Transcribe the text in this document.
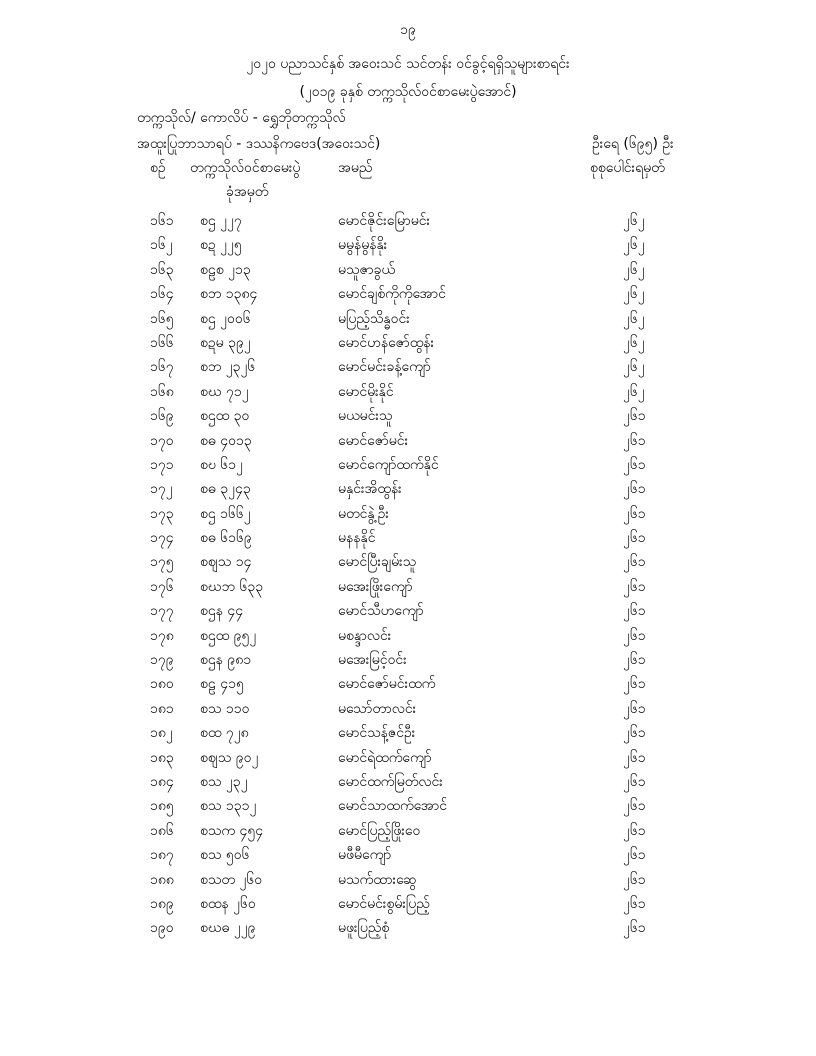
၁၉
၂၀၂၀ ပညာသင်နှစ် အဝေးသင် သင်တန်း ဝင်ခွင့်ရရှိသူများစာရင်း
(၂၀၁၉ ခုနှစ် တက္ကသိုလ်ဝင်စာမေးပွဲအောင်)
တက္ကသိုလ်/ ကောလိပ် - ရွှေဘိုတက္ကသိုလ်
အထူးပြုဘာသာရပ် - ဒဿနိကဗေဒ(အဝေးသင်)	ဦးရေ (၆၉၅) ဦး
စဉ် တက္ကသိုလ်ဝင်စာမေးပွဲ
ခုံအမှတ်
အမည်	စုစုပေါင်းရမှတ်
၁၆၁ စဌ ၂၂၇	မောင်ဇိုင်းမြောမင်း	၂၆၂
၁၆၂ စဍ ၂၂၅	မမွန်မွန်နိုး	၂၆၂
၁၆၃ စဠစ ၂၁၃	မသူဇာခွယ်	၂၆၂
၁၆၄ စဘ ၁၃၈၄	မောင်ချစ်ကိုကိုအောင်	၂၆၂
၁၆၅ စဌ ၂၀၀၆	မပြည့်သိန္ဓဝင်း	၂၆၂
၁၆၆ စဍမ ၃၉၂	မောင်ဟန်ဇော်ထွန်း	၂၆၂
၁၆၇ စဘ ၂၃၂၆	မောင်မင်းခန့်ကျော်	၂၆၂
၁၆၈ စဃ ၇၁၂	မောင်မိုးနိုင်	၂၆၂
၁၆၉ စဌထ ၃၀	မယမင်းသူ	၂၆၁
၁၇၀ စဓ ၄၀၁၃	မောင်ဇော်မင်း	၂၆၁
၁၇၁ စဎ ၆၁၂	မောင်ကျော်ထက်နိုင်	၂၆၁
၁၇၂ စဓ ၃၂၄၃	မနှင်းအိထွန်း	၂၆၁
၁၇၃ စဌ ၁၆၆၂	မတင်နွဲ့ဦး	၂၆၁
၁၇၄ စဓ ၆၁၆၉	မနနနိုင်	၂၆၁
၁၇၅ စဈသ ၁၄	မောင်ပြီးချမ်းသူ	၂၆၁
၁၇၆ စဃဘ ၆၃၃	မအေးဖြိုးကျော်	၂၆၁
၁၇၇ စဌန ၄၄	မောင်သီဟကျော်	၂၆၁
၁၇၈ စဌထ ၉၅၂	မစန္ဒာလင်း	၂၆၁
၁၇၉ စဌန ၉၈၁	မအေးမြင့်ဝင်း	၂၆၁
၁၈၀ စဠ ၄၁၅	မောင်ဇော်မင်းထက်	၂၆၁
၁၈၁ စသ ၁၁၀	မသော်တာလင်း	၂၆၁
၁၈၂ စထ ၇၂၈	မောင်သန့်ဇင်ဦး	၂၆၁
၁၈၃ စဈသ ၉၀၂	မောင်ရဲထက်ကျော်	၂၆၁
၁၈၄ စသ ၂၃၂	မောင်ထက်မြတ်လင်း	၂၆၁
၁၈၅ စသ ၁၃၁၂	မောင်သာထက်အောင်	၂၆၁
၁၈၆ စသက ၄၅၄	မောင်ပြည့်ဖြိုးဝေ	၂၆၁
၁၈၇ စသ ၅၀၆	မဖီမီကျော်	၂၆၁
၁၈၈ စသတ ၂၆၀	မသက်ထားဆွေ	၂၆၁
၁၈၉ စထန ၂၆၀	မောင်မင်းစွမ်းပြည့်	၂၆၁
၁၉၀ စဃဓ ၂၂၉	မဖူးပြည့်စုံ	၂၆၁
